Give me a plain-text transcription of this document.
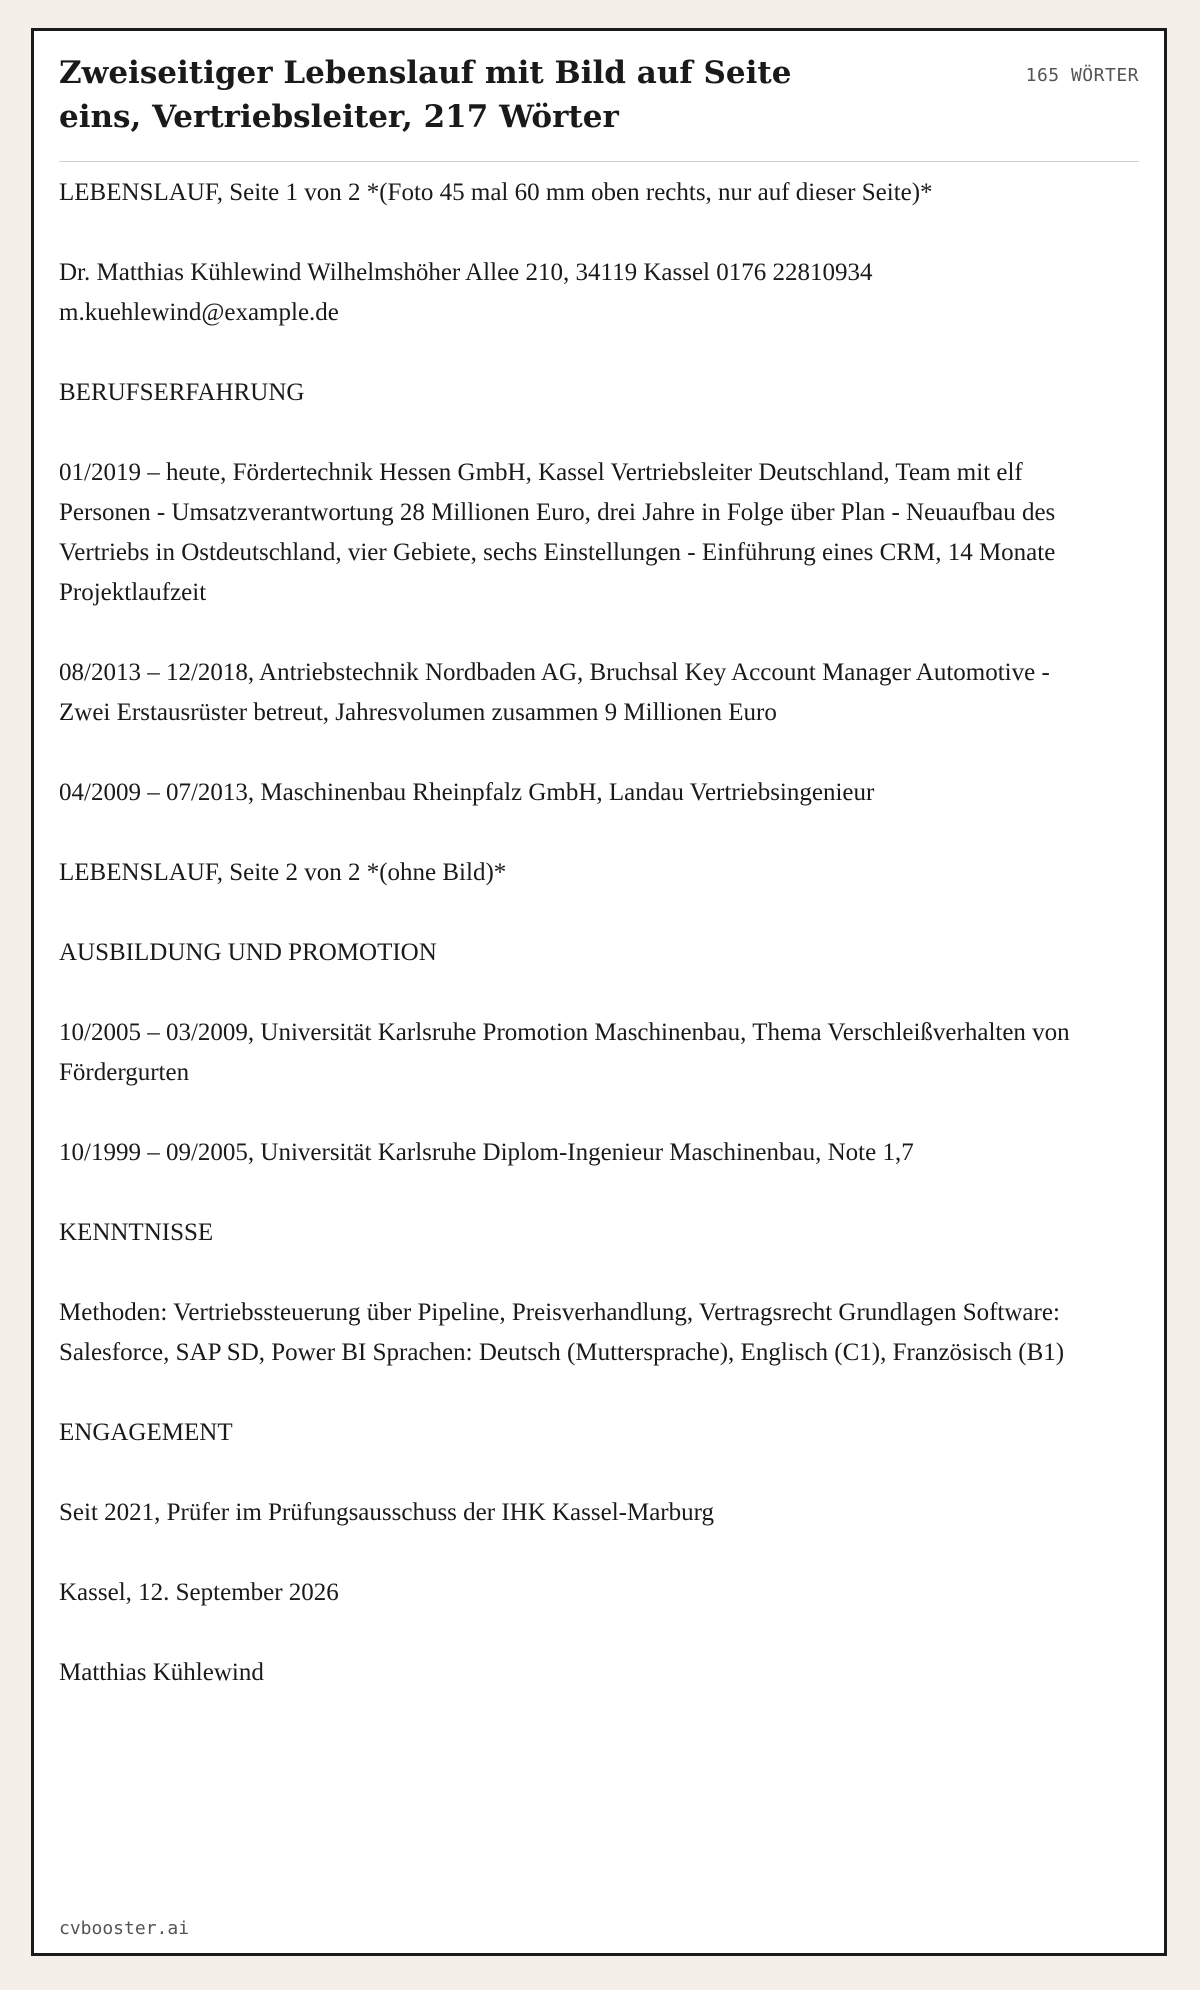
Zweiseitiger Lebenslauf mit Bild auf Seite eins, Vertriebsleiter, 217 Wörter
165 WÖRTER

LEBENSLAUF, Seite 1 von 2 *(Foto 45 mal 60 mm oben rechts, nur auf dieser Seite)*

Dr. Matthias Kühlewind Wilhelmshöher Allee 210, 34119 Kassel 0176 22810934 m.kuehlewind@example.de

BERUFSERFAHRUNG

01/2019 – heute, Fördertechnik Hessen GmbH, Kassel Vertriebsleiter Deutschland, Team mit elf Personen - Umsatzverantwortung 28 Millionen Euro, drei Jahre in Folge über Plan - Neuaufbau des Vertriebs in Ostdeutschland, vier Gebiete, sechs Einstellungen - Einführung eines CRM, 14 Monate Projektlaufzeit

08/2013 – 12/2018, Antriebstechnik Nordbaden AG, Bruchsal Key Account Manager Automotive - Zwei Erstausrüster betreut, Jahresvolumen zusammen 9 Millionen Euro

04/2009 – 07/2013, Maschinenbau Rheinpfalz GmbH, Landau Vertriebsingenieur

LEBENSLAUF, Seite 2 von 2 *(ohne Bild)*

AUSBILDUNG UND PROMOTION

10/2005 – 03/2009, Universität Karlsruhe Promotion Maschinenbau, Thema Verschleißverhalten von Fördergurten

10/1999 – 09/2005, Universität Karlsruhe Diplom-Ingenieur Maschinenbau, Note 1,7

KENNTNISSE

Methoden: Vertriebssteuerung über Pipeline, Preisverhandlung, Vertragsrecht Grundlagen Software: Salesforce, SAP SD, Power BI Sprachen: Deutsch (Muttersprache), Englisch (C1), Französisch (B1)

ENGAGEMENT

Seit 2021, Prüfer im Prüfungsausschuss der IHK Kassel-Marburg

Kassel, 12. September 2026

Matthias Kühlewind

cvbooster.ai
